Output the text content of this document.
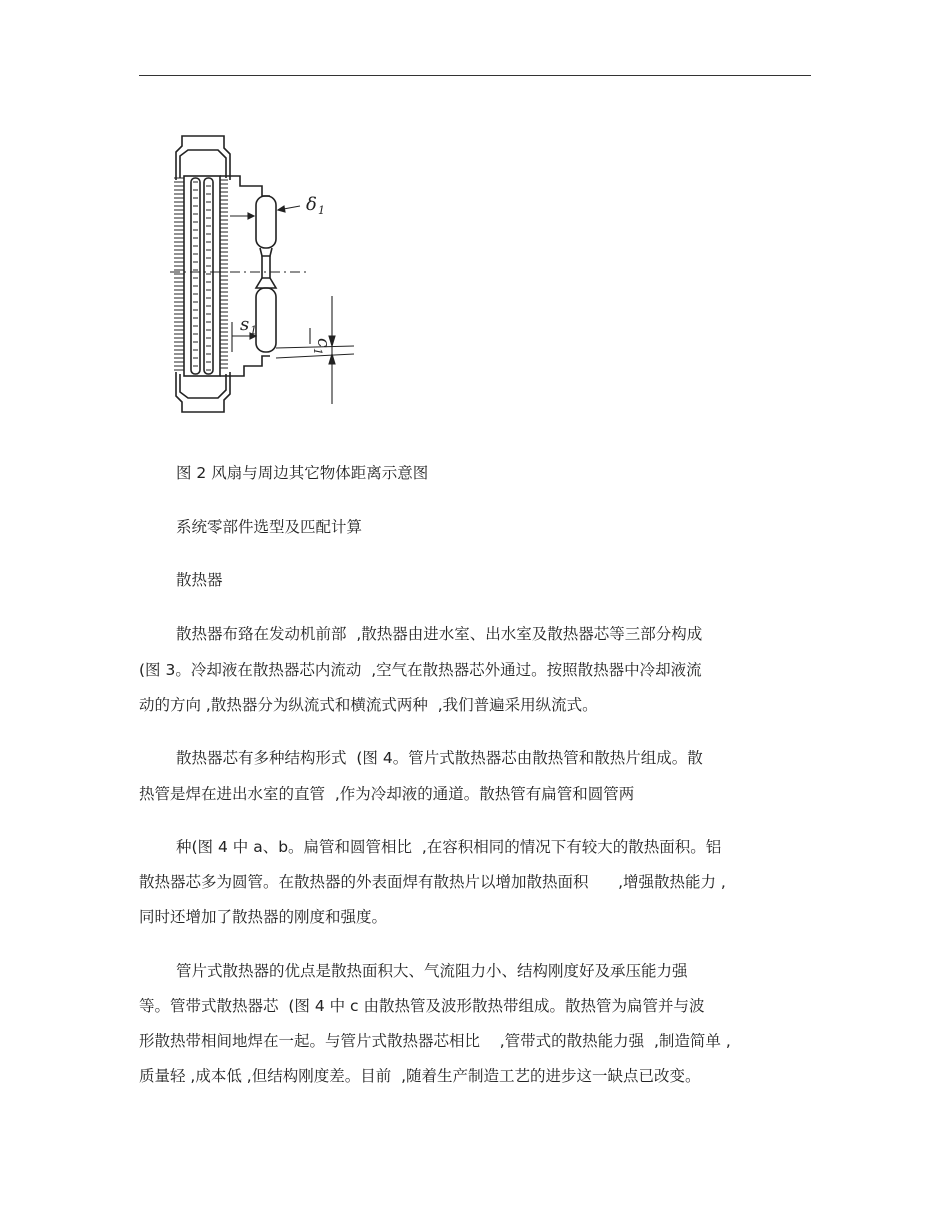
δ 1
s 1
c
1
图 2 风扇与周边其它物体距离示意图
系统零部件选型及匹配计算
散热器
散热器布臵在发动机前部  ,散热器由进水室、出水室及散热器芯等三部分构成
(图 3。冷却液在散热器芯内流动  ,空气在散热器芯外通过。按照散热器中冷却液流
动的方向 ,散热器分为纵流式和横流式两种  ,我们普遍采用纵流式。
散热器芯有多种结构形式  (图 4。管片式散热器芯由散热管和散热片组成。散
热管是焊在进出水室的直管  ,作为冷却液的通道。散热管有扁管和圆管两
种(图 4 中 a、b。扁管和圆管相比  ,在容积相同的情况下有较大的散热面积。铝
散热器芯多为圆管。在散热器的外表面焊有散热片以增加散热面积      ,增强散热能力 ,
同时还增加了散热器的刚度和强度。
管片式散热器的优点是散热面积大、气流阻力小、结构刚度好及承压能力强
等。管带式散热器芯  (图 4 中 c 由散热管及波形散热带组成。散热管为扁管并与波
形散热带相间地焊在一起。与管片式散热器芯相比    ,管带式的散热能力强  ,制造简单 ,
质量轻 ,成本低 ,但结构刚度差。目前  ,随着生产制造工艺的进步这一缺点已改变。
